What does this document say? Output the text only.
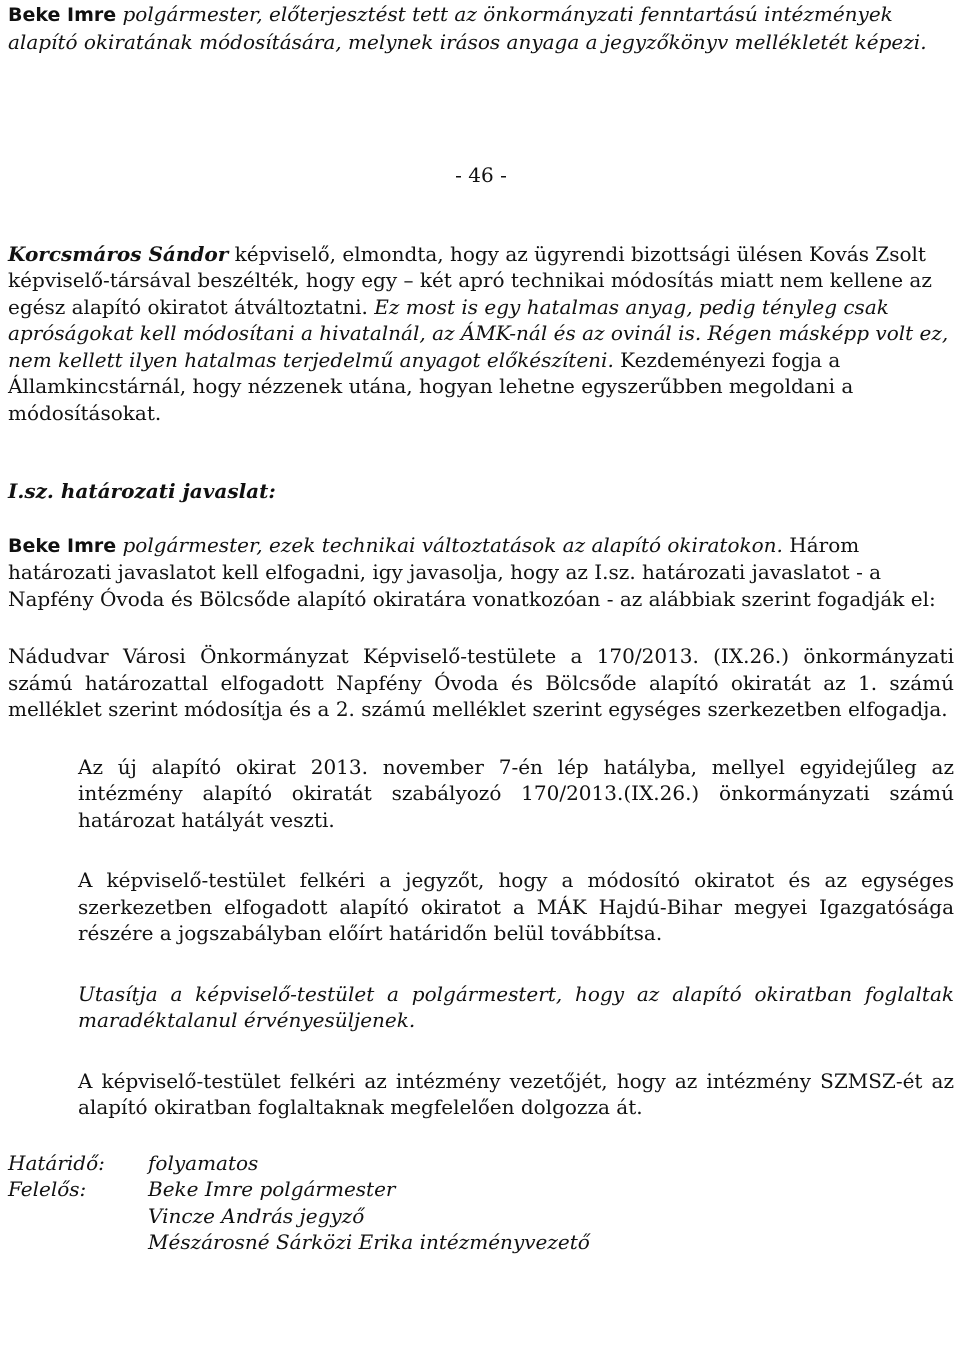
Beke Imre polgármester, előterjesztést tett az önkormányzati fenntartású intézmények alapító okiratának módosítására, melynek irásos anyaga a jegyzőkönyv mellékletét képezi.

- 46 -

Korcsmáros Sándor képviselő, elmondta, hogy az ügyrendi bizottsági ülésen Kovás Zsolt képviselő-társával beszélték, hogy egy – két apró technikai módosítás miatt nem kellene az egész alapító okiratot átváltoztatni. Ez most is egy hatalmas anyag, pedig tényleg csak apróságokat kell módosítani a hivatalnál, az ÁMK-nál és az ovinál is. Régen másképp volt ez, nem kellett ilyen hatalmas terjedelmű anyagot előkészíteni. Kezdeményezi fogja a Államkincstárnál, hogy nézzenek utána, hogyan lehetne egyszerűbben megoldani a módosításokat.

I.sz. határozati javaslat:

Beke Imre polgármester, ezek technikai változtatások az alapító okiratokon. Három határozati javaslatot kell elfogadni, igy javasolja, hogy az I.sz. határozati javaslatot - a Napfény Óvoda és Bölcsőde alapító okiratára vonatkozóan - az alábbiak szerint fogadják el:

Nádudvar Városi Önkormányzat Képviselő-testülete a 170/2013. (IX.26.) önkormányzati számú határozattal elfogadott Napfény Óvoda és Bölcsőde alapító okiratát az 1. számú melléklet szerint módosítja és a 2. számú melléklet szerint egységes szerkezetben elfogadja.

Az új alapító okirat 2013. november 7-én lép hatályba, mellyel egyidejűleg az intézmény alapító okiratát szabályozó 170/2013.(IX.26.) önkormányzati számú határozat hatályát veszti.

A képviselő-testület felkéri a jegyzőt, hogy a módosító okiratot és az egységes szerkezetben elfogadott alapító okiratot a MÁK Hajdú-Bihar megyei Igazgatósága részére a jogszabályban előírt határidőn belül továbbítsa.

Utasítja a képviselő-testület a polgármestert, hogy az alapító okiratban foglaltak maradéktalanul érvényesüljenek.

A képviselő-testület felkéri az intézmény vezetőjét, hogy az intézmény SZMSZ-ét az alapító okiratban foglaltaknak megfelelően dolgozza át.

Határidő:	folyamatos
Felelős:	Beke Imre polgármester
Vincze András jegyző
Mészárosné Sárközi Erika intézményvezető
